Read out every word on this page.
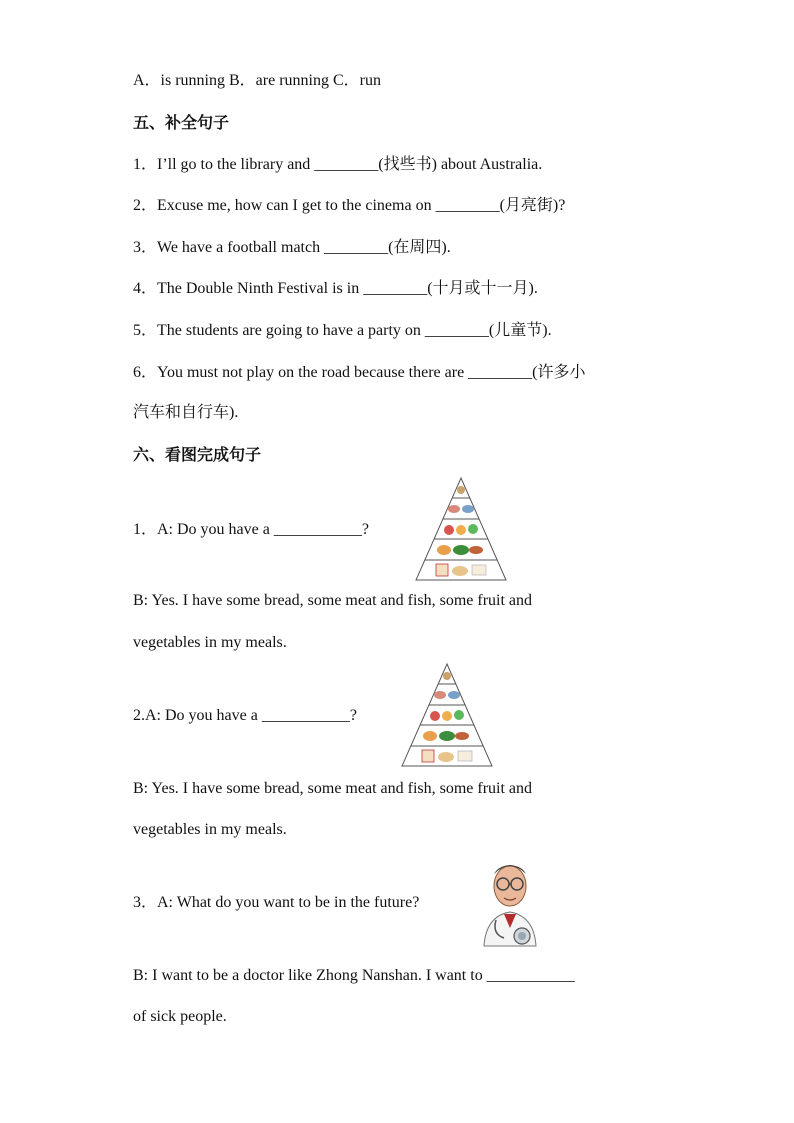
A．is running B．are running C．run
五、补全句子
1．I’ll go to the library and ________(找些书) about Australia.
2．Excuse me, how can I get to the cinema on ________(月亮街)?
3．We have a football match ________(在周四).
4．The Double Ninth Festival is in ________(十月或十一月).
5．The students are going to have a party on ________(儿童节).
6．You must not play on the road because there are ________(许多小
汽车和自行车).
六、看图完成句子
1．A: Do you have a ___________?
B: Yes. I have some bread, some meat and fish, some fruit and
vegetables in my meals.
2.A: Do you have a ___________?
B: Yes. I have some bread, some meat and fish, some fruit and
vegetables in my meals.
3．A: What do you want to be in the future?
B: I want to be a doctor like Zhong Nanshan. I want to ___________
of sick people.
